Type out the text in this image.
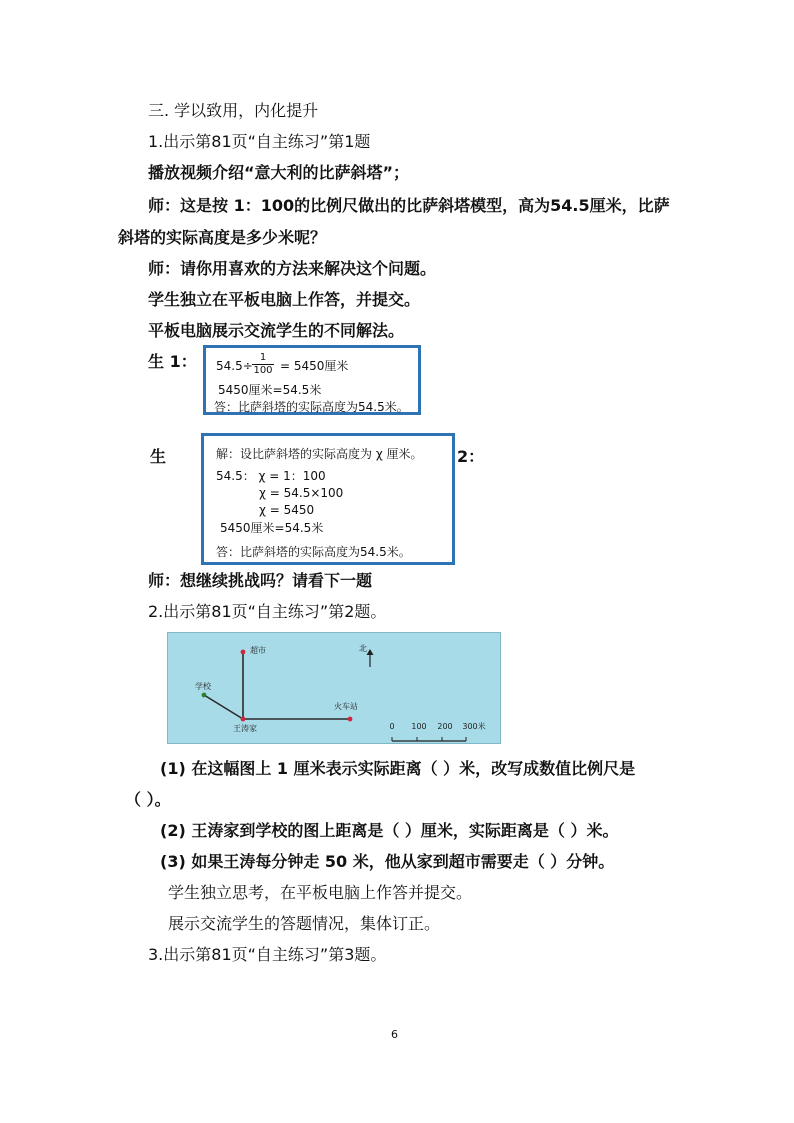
三. 学以致用，内化提升
1.出示第81页“自主练习”第1题
播放视频介绍“意大利的比萨斜塔”；
师：这是按 1：100的比例尺做出的比萨斜塔模型，高为54.5厘米，比萨
斜塔的实际高度是多少米呢？
师：请你用喜欢的方法来解决这个问题。
学生独立在平板电脑上作答，并提交。
平板电脑展示交流学生的不同解法。
生 1： $54.5\div \frac{1}{100} = 5450$厘米
5450厘米=54.5米
答：比萨斜塔的实际高度为54.5米。
生	2：
解：设比萨斜塔的实际高度为 χ 厘米。
54.5： χ = 1：100
χ = 54.5×100
χ = 5450
5450厘米=54.5米
答：比萨斜塔的实际高度为54.5米。
师：想继续挑战吗？请看下一题
2.出示第81页“自主练习”第2题。
超市
学校
王涛家
火车站
北
0 100 200 300米
(1) 在这幅图上 1 厘米表示实际距离（ ）米，改写成数值比例尺是
（ ）。
(2) 王涛家到学校的图上距离是（ ）厘米，实际距离是（ ）米。
(3) 如果王涛每分钟走 50 米，他从家到超市需要走（ ）分钟。
学生独立思考，在平板电脑上作答并提交。
展示交流学生的答题情况，集体订正。
3.出示第81页“自主练习”第3题。
6
